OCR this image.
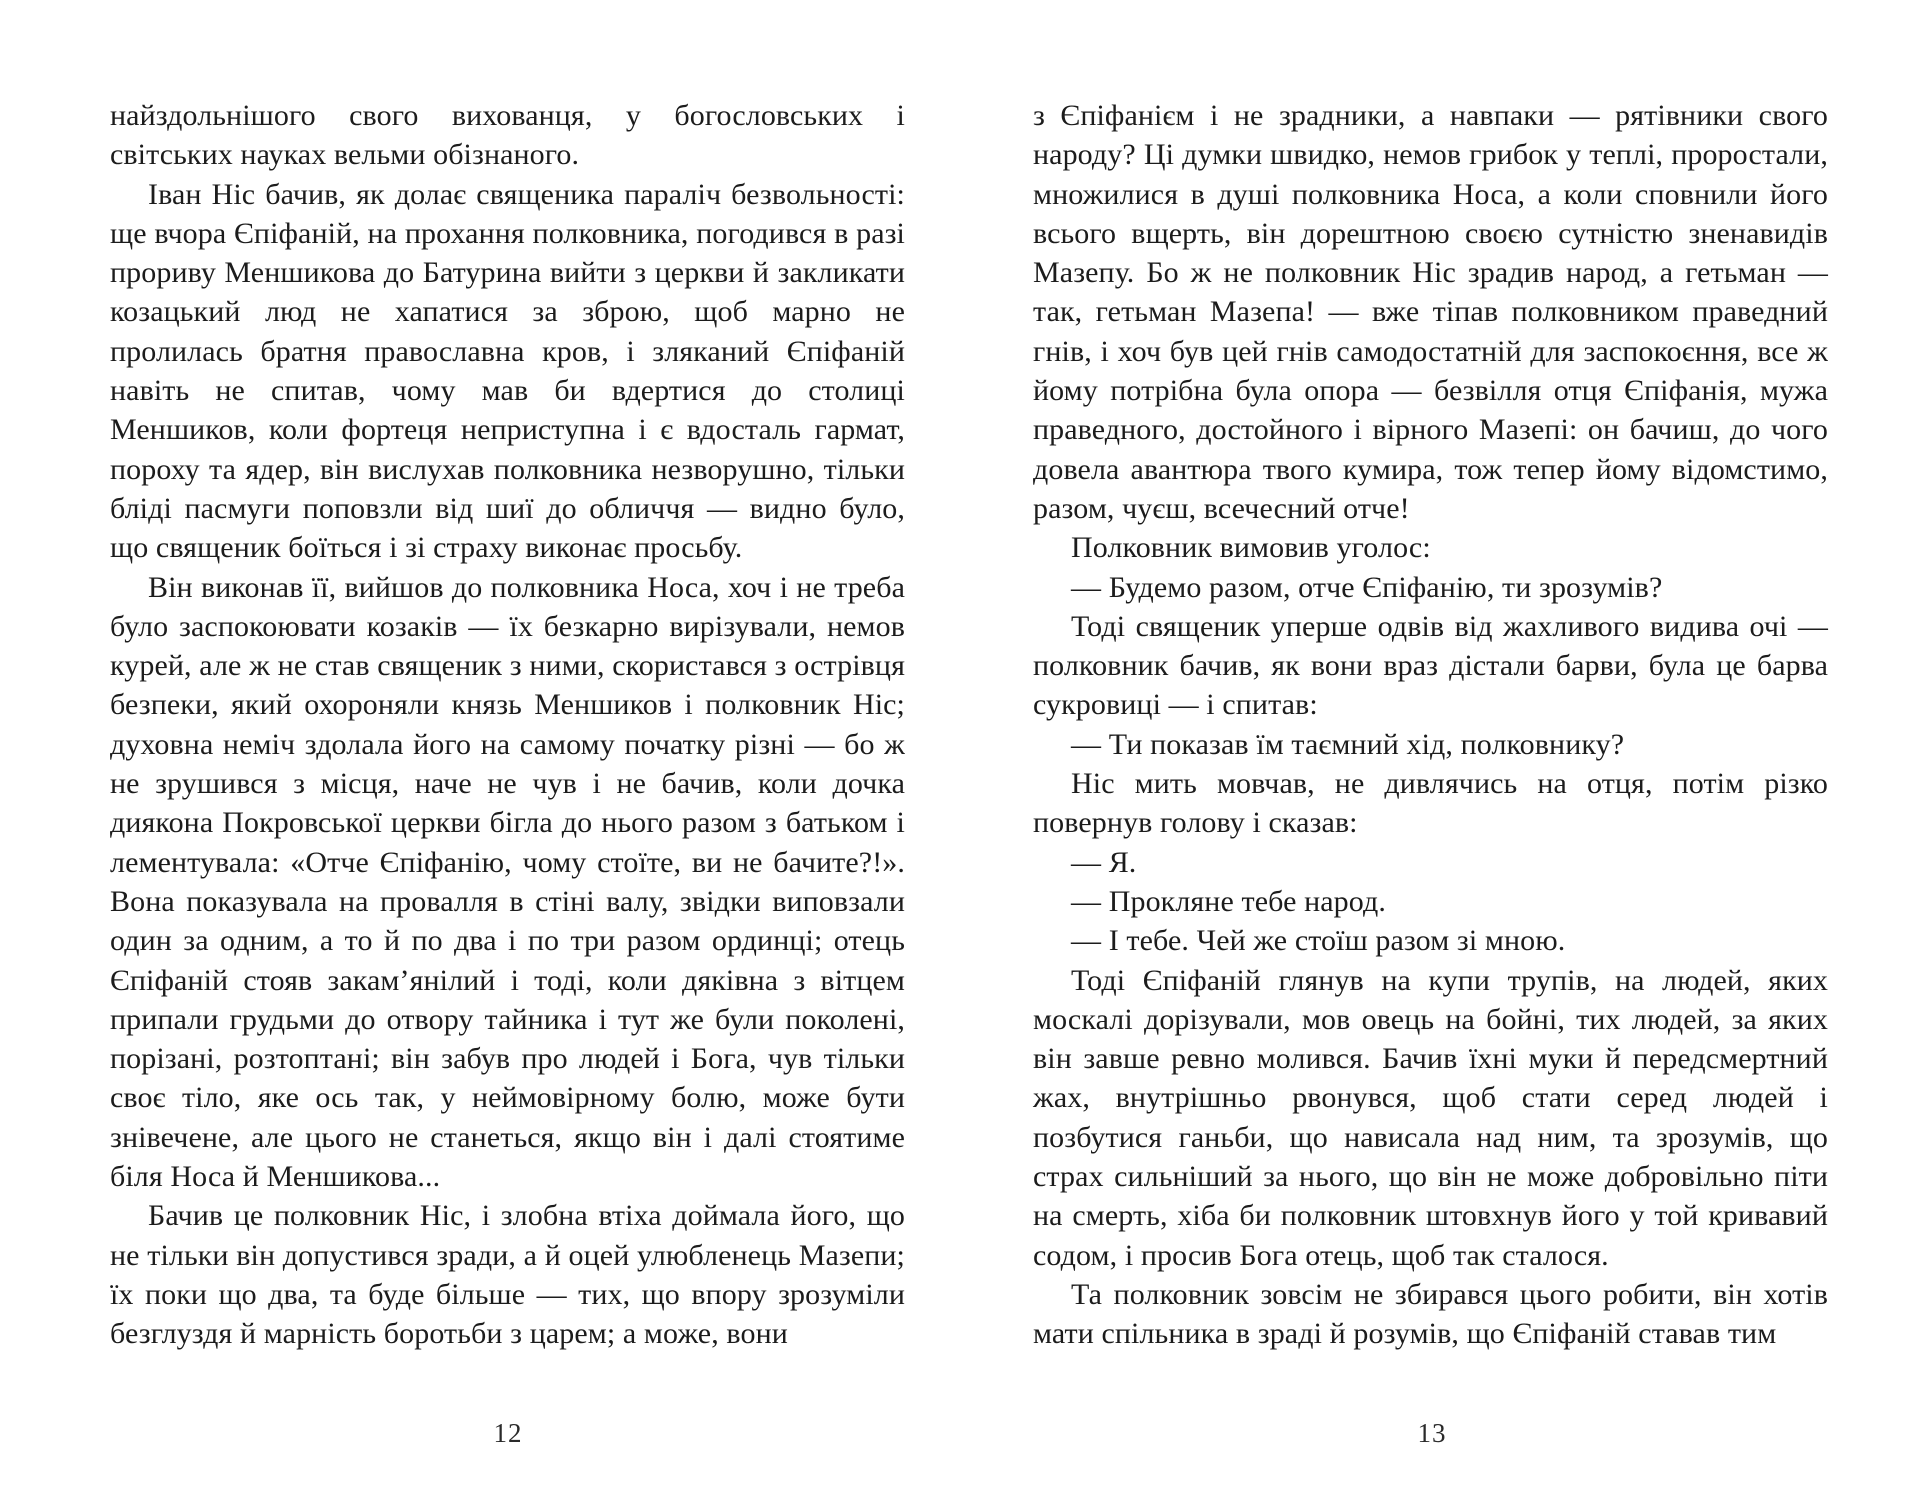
найздольнішого свого вихованця, у богословських і світських науках вельми обізнаного.

Іван Ніс бачив, як долає священика параліч безвольності: ще вчора Єпіфаній, на прохання полковника, погодився в разі прориву Меншикова до Батурина вийти з церкви й закликати козацький люд не хапатися за зброю, щоб марно не пролилась братня православна кров, і зляканий Єпіфаній навіть не спитав, чому мав би вдертися до столиці Меншиков, коли фортеця неприступна і є вдосталь гармат, пороху та ядер, він вислухав полковника незворушно, тільки бліді пасмуги поповзли від шиї до обличчя — видно було, що священик боїться і зі страху виконає просьбу.

Він виконав її, вийшов до полковника Носа, хоч і не треба було заспокоювати козаків — їх безкарно вирізували, немов курей, але ж не став священик з ними, скористався з острівця безпеки, який охороняли князь Меншиков і полковник Ніс; духовна неміч здолала його на самому початку різні — бо ж не зрушився з місця, наче не чув і не бачив, коли дочка диякона Покровської церкви бігла до нього разом з батьком і лементувала: «Отче Єпіфанію, чому стоїте, ви не бачите?!». Вона показувала на провалля в стіні валу, звідки виповзали один за одним, а то й по два і по три разом ординці; отець Єпіфаній стояв закам’янілий і тоді, коли дяківна з вітцем припали грудьми до отвору тайника і тут же були поколені, порізані, розтоптані; він забув про людей і Бога, чув тільки своє тіло, яке ось так, у неймовірному болю, може бути знівечене, але цього не станеться, якщо він і далі стоятиме біля Носа й Меншикова...

Бачив це полковник Ніс, і злобна втіха доймала його, що не тільки він допустився зради, а й оцей улюбленець Мазепи; їх поки що два, та буде більше — тих, що впору зрозуміли безглуздя й марність боротьби з царем; а може, вони

з Єпіфанієм і не зрадники, а навпаки — рятівники свого народу? Ці думки швидко, немов грибок у теплі, проростали, множилися в душі полковника Носа, а коли сповнили його всього вщерть, він дорештною своєю сутністю зненавидів Мазепу. Бо ж не полковник Ніс зрадив народ, а гетьман — так, гетьман Мазепа! — вже тіпав полковником праведний гнів, і хоч був цей гнів самодостатній для заспокоєння, все ж йому потрібна була опора — безвілля отця Єпіфанія, мужа праведного, достойного і вірного Мазепі: он бачиш, до чого довела авантюра твого кумира, тож тепер йому відомстимо, разом, чуєш, всечесний отче!

Полковник вимовив уголос:

— Будемо разом, отче Єпіфанію, ти зрозумів?

Тоді священик уперше одвів від жахливого видива очі — полковник бачив, як вони враз дістали барви, була це барва сукровиці — і спитав:

— Ти показав їм таємний хід, полковнику?

Ніс мить мовчав, не дивлячись на отця, потім різко повернув голову і сказав:

— Я.

— Прокляне тебе народ.

— І тебе. Чей же стоїш разом зі мною.

Тоді Єпіфаній глянув на купи трупів, на людей, яких москалі дорізували, мов овець на бойні, тих людей, за яких він завше ревно молився. Бачив їхні муки й передсмертний жах, внутрішньо рвонувся, щоб стати серед людей і позбутися ганьби, що нависала над ним, та зрозумів, що страх сильніший за нього, що він не може добровільно піти на смерть, хіба би полковник штовхнув його у той кривавий содом, і просив Бога отець, щоб так сталося.

Та полковник зовсім не збирався цього робити, він хотів мати спільника в зраді й розумів, що Єпіфаній ставав тим

12	13
